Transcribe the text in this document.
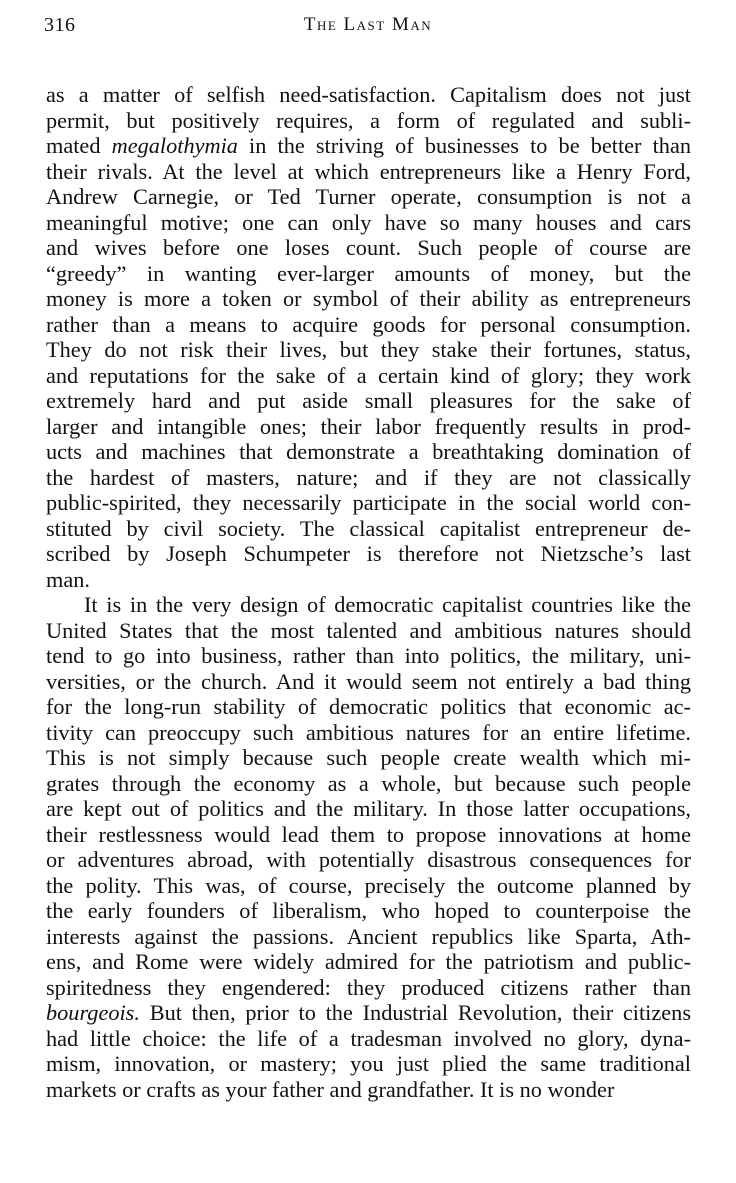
316	The Last Man

as a matter of selfish need-satisfaction. Capitalism does not just
permit, but positively requires, a form of regulated and subli-
mated megalothymia in the striving of businesses to be better than
their rivals. At the level at which entrepreneurs like a Henry Ford,
Andrew Carnegie, or Ted Turner operate, consumption is not a
meaningful motive; one can only have so many houses and cars
and wives before one loses count. Such people of course are
“greedy” in wanting ever-larger amounts of money, but the
money is more a token or symbol of their ability as entrepreneurs
rather than a means to acquire goods for personal consumption.
They do not risk their lives, but they stake their fortunes, status,
and reputations for the sake of a certain kind of glory; they work
extremely hard and put aside small pleasures for the sake of
larger and intangible ones; their labor frequently results in prod-
ucts and machines that demonstrate a breathtaking domination of
the hardest of masters, nature; and if they are not classically
public-spirited, they necessarily participate in the social world con-
stituted by civil society. The classical capitalist entrepreneur de-
scribed by Joseph Schumpeter is therefore not Nietzsche’s last
man.

It is in the very design of democratic capitalist countries like the
United States that the most talented and ambitious natures should
tend to go into business, rather than into politics, the military, uni-
versities, or the church. And it would seem not entirely a bad thing
for the long-run stability of democratic politics that economic ac-
tivity can preoccupy such ambitious natures for an entire lifetime.
This is not simply because such people create wealth which mi-
grates through the economy as a whole, but because such people
are kept out of politics and the military. In those latter occupations,
their restlessness would lead them to propose innovations at home
or adventures abroad, with potentially disastrous consequences for
the polity. This was, of course, precisely the outcome planned by
the early founders of liberalism, who hoped to counterpoise the
interests against the passions. Ancient republics like Sparta, Ath-
ens, and Rome were widely admired for the patriotism and public-
spiritedness they engendered: they produced citizens rather than
bourgeois. But then, prior to the Industrial Revolution, their citizens
had little choice: the life of a tradesman involved no glory, dyna-
mism, innovation, or mastery; you just plied the same traditional
markets or crafts as your father and grandfather. It is no wonder
